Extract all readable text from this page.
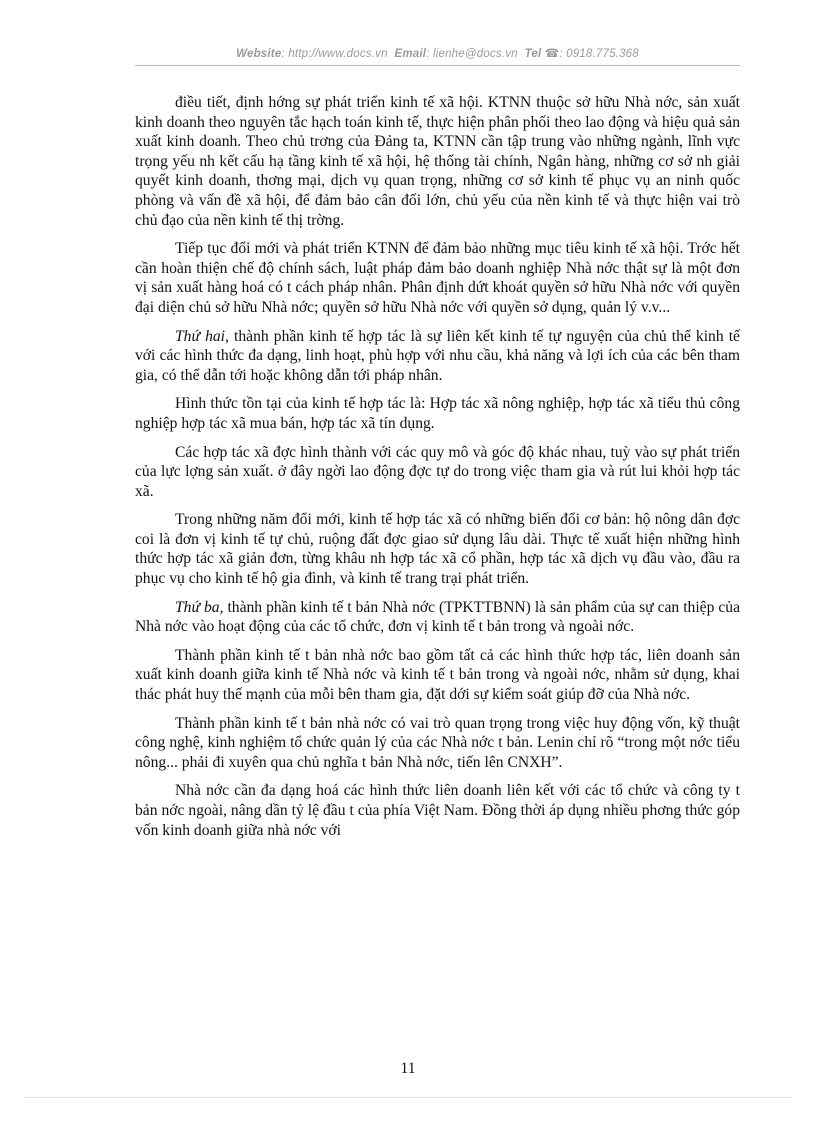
Website: http://www.docs.vn Email: lienhe@docs.vn Tel ☎: 0918.775.368

điều tiết, định hớng sự phát triển kinh tế xã hội. KTNN thuộc sở hữu Nhà nớc, sản xuất kinh doanh theo nguyên tắc hạch toán kinh tế, thực hiện phân phối theo lao động và hiệu quả sản xuất kinh doanh. Theo chủ trơng của Đảng ta, KTNN cần tập trung vào những ngành, lĩnh vực trọng yếu nh kết cấu hạ tầng kinh tế xã hội, hệ thống tài chính, Ngân hàng, những cơ sở nh giải quyết kinh doanh, thơng mại, dịch vụ quan trọng, những cơ sở kinh tế phục vụ an ninh quốc phòng và vấn đề xã hội, để đảm bảo cân đối lớn, chủ yếu của nền kinh tế và thực hiện vai trò chủ đạo của nền kinh tế thị trờng.

Tiếp tục đổi mới và phát triển KTNN để đảm bảo những mục tiêu kinh tế xã hội. Trớc hết cần hoàn thiện chế độ chính sách, luật pháp đảm bảo doanh nghiệp Nhà nớc thật sự là một đơn vị sản xuất hàng hoá có t cách pháp nhân. Phân định dứt khoát quyền sở hữu Nhà nớc với quyền đại diện chủ sở hữu Nhà nớc; quyền sở hữu Nhà nớc với quyền sở dụng, quản lý v.v...

Thứ hai, thành phần kinh tế hợp tác là sự liên kết kinh tế tự nguyện của chủ thể kinh tế với các hình thức đa dạng, linh hoạt, phù hợp với nhu cầu, khả năng và lợi ích của các bên tham gia, có thể dẫn tới hoặc không dẫn tới pháp nhân.

Hình thức tồn tại của kinh tế hợp tác là: Hợp tác xã nông nghiệp, hợp tác xã tiểu thủ công nghiệp hợp tác xã mua bán, hợp tác xã tín dụng.

Các hợp tác xã đợc hình thành với các quy mô và góc độ khác nhau, tuỳ vào sự phát triển của lực lợng sản xuất. ở đây ngời lao động đợc tự do trong việc tham gia và rút lui khỏi hợp tác xã.

Trong những năm đổi mới, kinh tế hợp tác xã có những biến đổi cơ bản: hộ nông dân đợc coi là đơn vị kinh tế tự chủ, ruộng đất đợc giao sử dụng lâu dài. Thực tế xuất hiện những hình thức hợp tác xã giản đơn, từng khâu nh hợp tác xã cổ phần, hợp tác xã dịch vụ đầu vào, đầu ra phục vụ cho kinh tế hộ gia đình, và kinh tế trang trại phát triển.

Thứ ba, thành phần kinh tế t bản Nhà nớc (TPKTTBNN) là sản phẩm của sự can thiệp của Nhà nớc vào hoạt động của các tổ chức, đơn vị kinh tế t bản trong và ngoài nớc.

Thành phần kinh tế t bản nhà nớc bao gồm tất cả các hình thức hợp tác, liên doanh sản xuất kinh doanh giữa kinh tế Nhà nớc và kinh tế t bản trong và ngoài nớc, nhằm sử dụng, khai thác phát huy thế mạnh của mỗi bên tham gia, đặt dới sự kiểm soát giúp đỡ của Nhà nớc.

Thành phần kinh tế t bản nhà nớc có vai trò quan trọng trong việc huy động vốn, kỹ thuật công nghệ, kinh nghiệm tổ chức quản lý của các Nhà nớc t bản. Lenin chỉ rõ “trong một nớc tiểu nông... phải đi xuyên qua chủ nghĩa t bản Nhà nớc, tiến lên CNXH”.

Nhà nớc cần đa dạng hoá các hình thức liên doanh liên kết với các tổ chức và công ty t bản nớc ngoài, nâng dần tỷ lệ đầu t của phía Việt Nam. Đồng thời áp dụng nhiều phơng thức góp vốn kinh doanh giữa nhà nớc với

11
